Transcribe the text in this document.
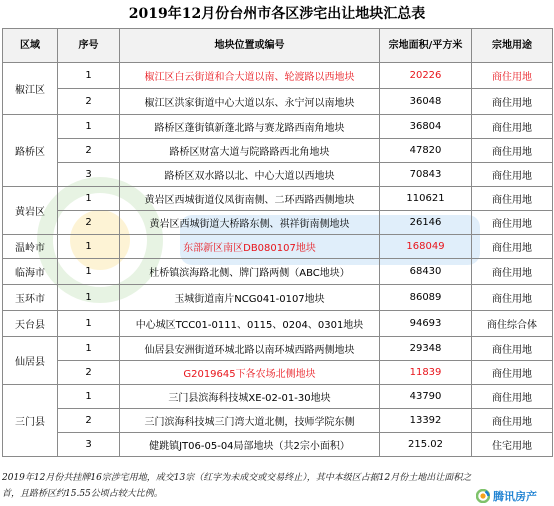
2019年12月份台州市各区涉宅出让地块汇总表
区域	序号	地块位置或编号	宗地面积/平方米	宗地用途
椒江区	1	椒江区白云街道和合大道以南、轮渡路以西地块	20226	商住用地
	2	椒江区洪家街道中心大道以东、永宁河以南地块	36048	商住用地
路桥区	1	路桥区蓬街镇新蓬北路与赛龙路西南角地块	36804	商住用地
	2	路桥区财富大道与院路路西北角地块	47820	商住用地
	3	路桥区双水路以北、中心大道以西地块	70843	商住用地
黄岩区	1	黄岩区西城街道仪凤街南侧、二环西路西侧地块	110621	商住用地
	2	黄岩区西城街道大桥路东侧、祺祥街南侧地块	26146	商住用地
温岭市	1	东部新区南区DB080107地块	168049	商住用地
临海市	1	杜桥镇滨海路北侧、牌门路两侧（ABC地块）	68430	商住用地
玉环市	1	玉城街道南片NCG041-0107地块	86089	商住用地
天台县	1	中心城区TCC01-0111、0115、0204、0301地块	94693	商住综合体
仙居县	1	仙居县安洲街道环城北路以南环城西路两侧地块	29348	商住用地
	2	G2019645下各农场北侧地块	11839	商住用地
三门县	1	三门县滨海科技城XE-02-01-30地块	43790	商住用地
	2	三门滨海科技城三门湾大道北侧，技师学院东侧	13392	商住用地
	3	健跳镇JT06-05-04局部地块（共2宗小面积）	215.02	住宅用地
2019年12月份共挂牌16宗涉宅用地，成交13宗（红字为未成交或交易终止），其中本级区占据12月份土地出让面积之首，且路桥区约15.55公顷占较大比例。	腾讯房产
